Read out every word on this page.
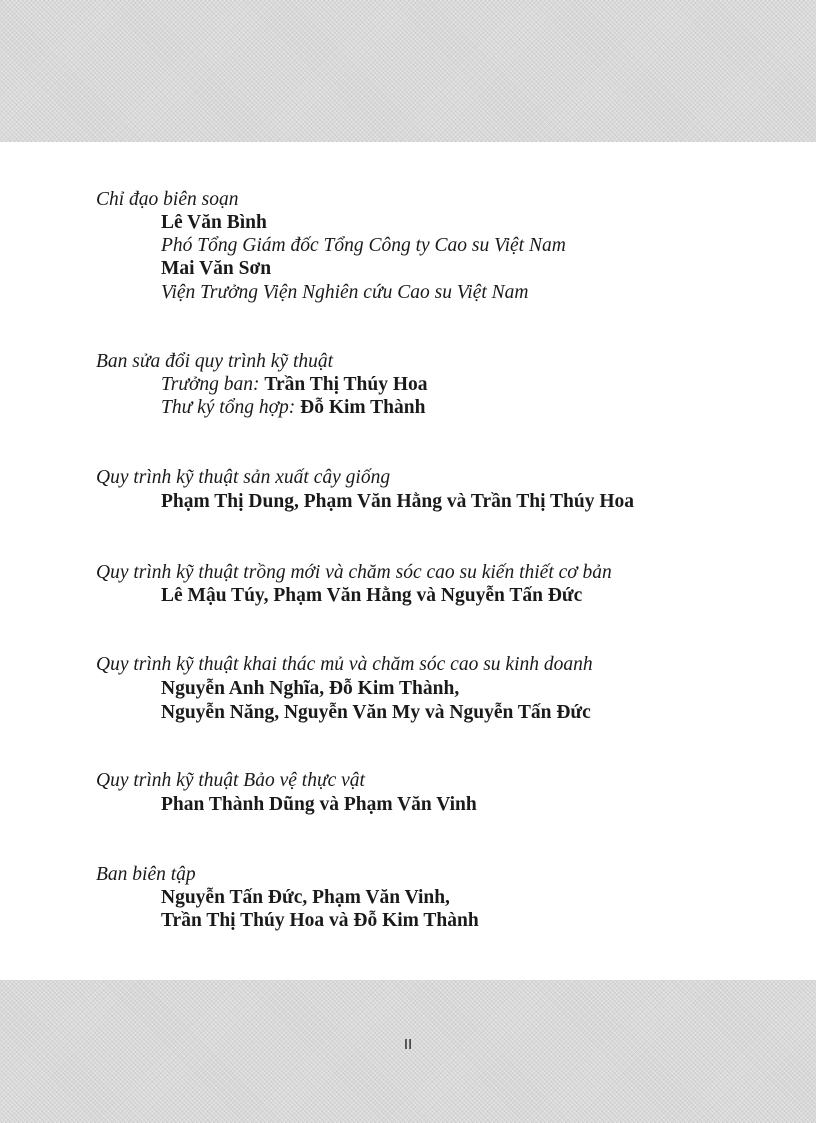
Chỉ đạo biên soạn
Lê Văn Bình
Phó Tổng Giám đốc Tổng Công ty Cao su Việt Nam
Mai Văn Sơn
Viện Trưởng Viện Nghiên cứu Cao su Việt Nam
Ban sửa đổi quy trình kỹ thuật
Trưởng ban: Trần Thị Thúy Hoa
Thư ký tổng hợp: Đỗ Kim Thành
Quy trình kỹ thuật sản xuất cây giống
Phạm Thị Dung, Phạm Văn Hằng và Trần Thị Thúy Hoa
Quy trình kỹ thuật trồng mới và chăm sóc cao su kiến thiết cơ bản
Lê Mậu Túy, Phạm Văn Hằng và Nguyễn Tấn Đức
Quy trình kỹ thuật khai thác mủ và chăm sóc cao su kinh doanh
Nguyễn Anh Nghĩa, Đỗ Kim Thành,
Nguyễn Năng, Nguyễn Văn My và Nguyễn Tấn Đức
Quy trình kỹ thuật Bảo vệ thực vật
Phan Thành Dũng và Phạm Văn Vinh
Ban biên tập
Nguyễn Tấn Đức, Phạm Văn Vinh,
Trần Thị Thúy Hoa và Đỗ Kim Thành
II
